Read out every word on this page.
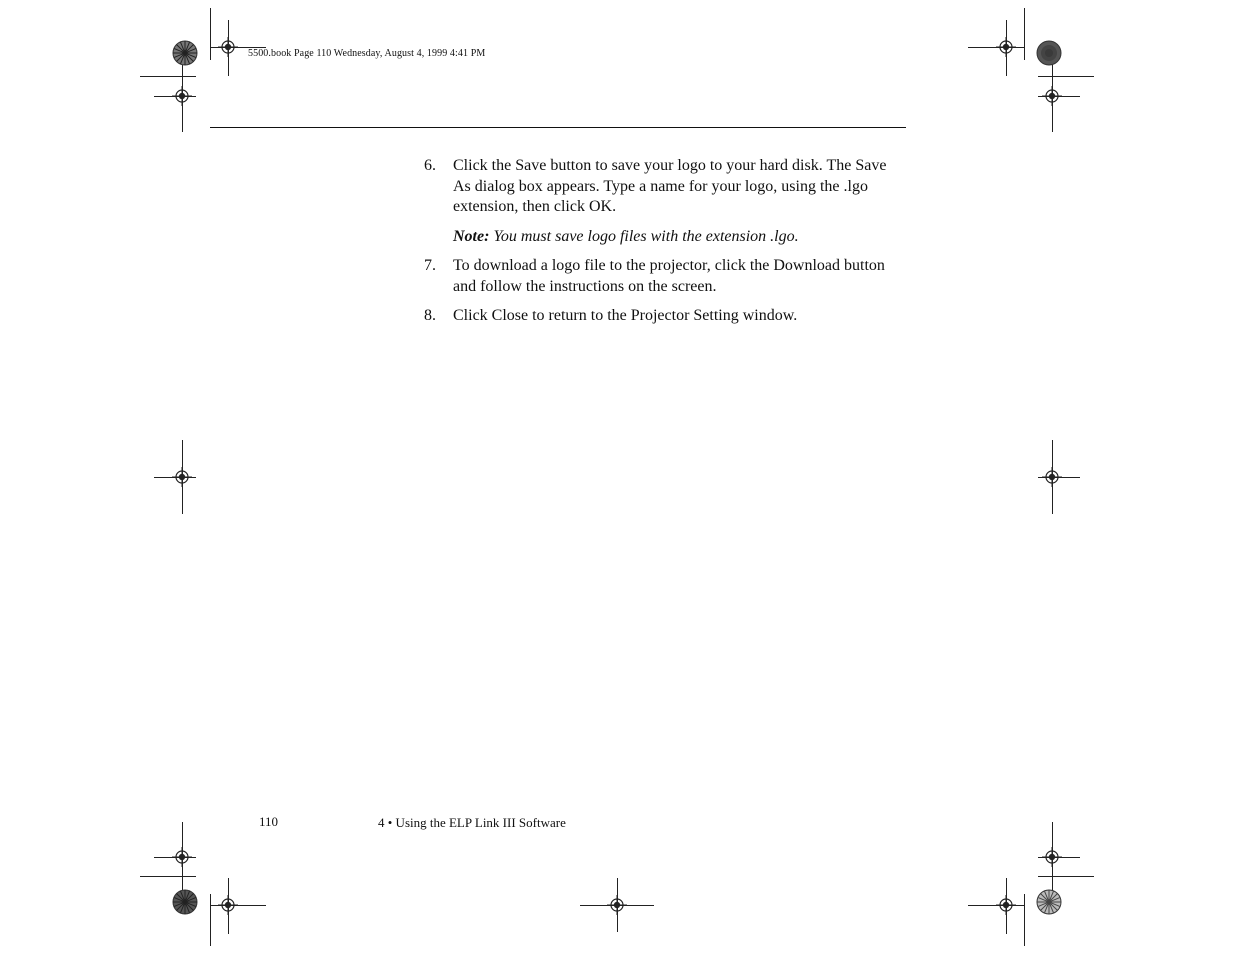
5500.book Page 110 Wednesday, August 4, 1999 4:41 PM
6. Click the Save button to save your logo to your hard disk. The Save As dialog box appears. Type a name for your logo, using the .lgo extension, then click OK.
Note: You must save logo files with the extension .lgo.
7. To download a logo file to the projector, click the Download button and follow the instructions on the screen.
8. Click Close to return to the Projector Setting window.
110	4 • Using the ELP Link III Software
